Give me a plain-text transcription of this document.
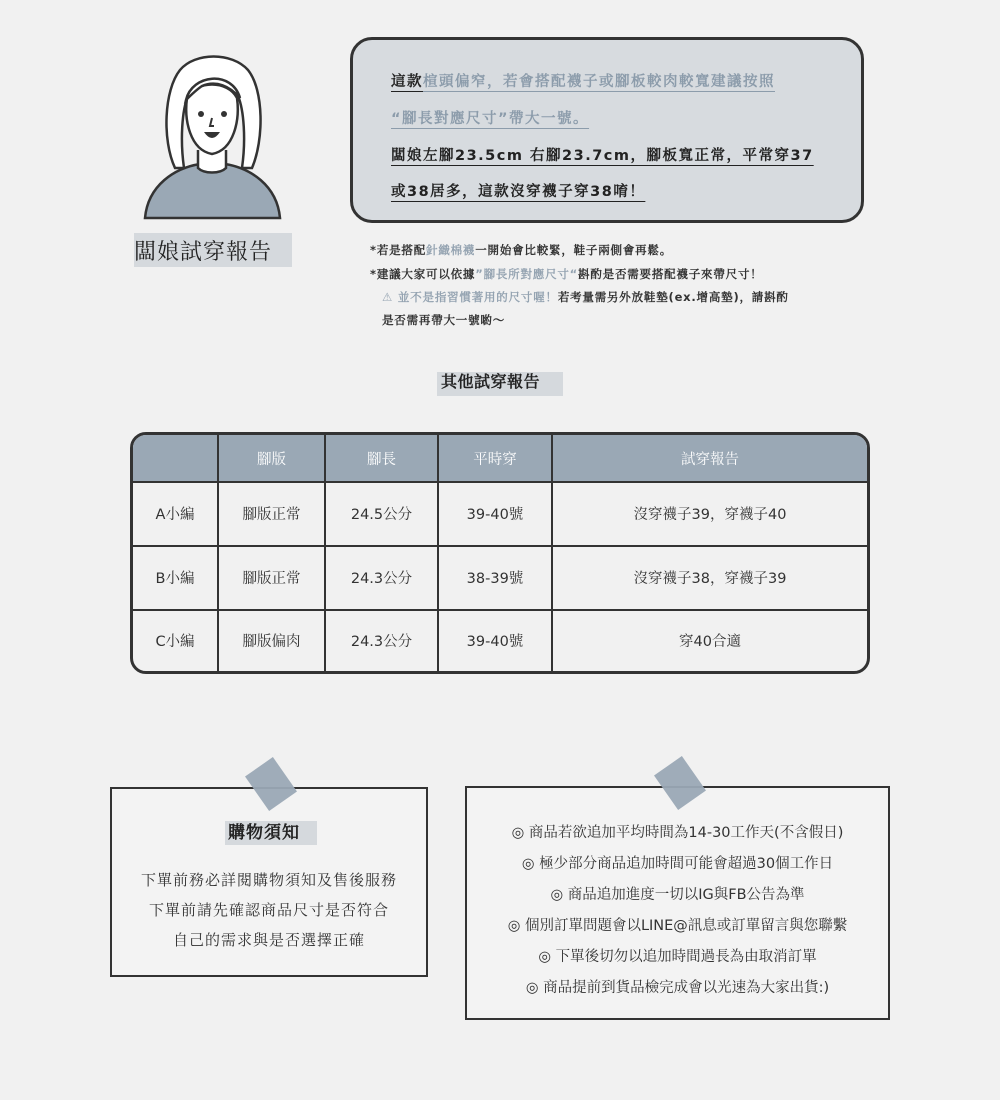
闆娘試穿報告
這款楦頭偏窄，若會搭配襪子或腳板較肉較寬建議按照
“腳長對應尺寸”帶大一號。
闆娘左腳23.5cm 右腳23.7cm，腳板寬正常，平常穿37
或38居多，這款沒穿襪子穿38唷！
*若是搭配針織棉襪一開始會比較緊，鞋子兩側會再鬆。
*建議大家可以依據”腳長所對應尺寸“斟酌是否需要搭配襪子來帶尺寸！
⚠ 並不是指習慣著用的尺寸喔！若考量需另外放鞋墊(ex.增高墊)，請斟酌
是否需再帶大一號喲～
其他試穿報告
	腳版	腳長	平時穿	試穿報告
A小編	腳版正常	24.5公分	39-40號	沒穿襪子39，穿襪子40
B小編	腳版正常	24.3公分	38-39號	沒穿襪子38，穿襪子39
C小編	腳版偏肉	24.3公分	39-40號	穿40合適
購物須知
下單前務必詳閱購物須知及售後服務
下單前請先確認商品尺寸是否符合
自己的需求與是否選擇正確
◎ 商品若欲追加平均時間為14-30工作天(不含假日)
◎ 極少部分商品追加時間可能會超過30個工作日
◎ 商品追加進度一切以IG與FB公告為準
◎ 個別訂單問題會以LINE@訊息或訂單留言與您聯繫
◎ 下單後切勿以追加時間過長為由取消訂單
◎ 商品提前到貨品檢完成會以光速為大家出貨:)
